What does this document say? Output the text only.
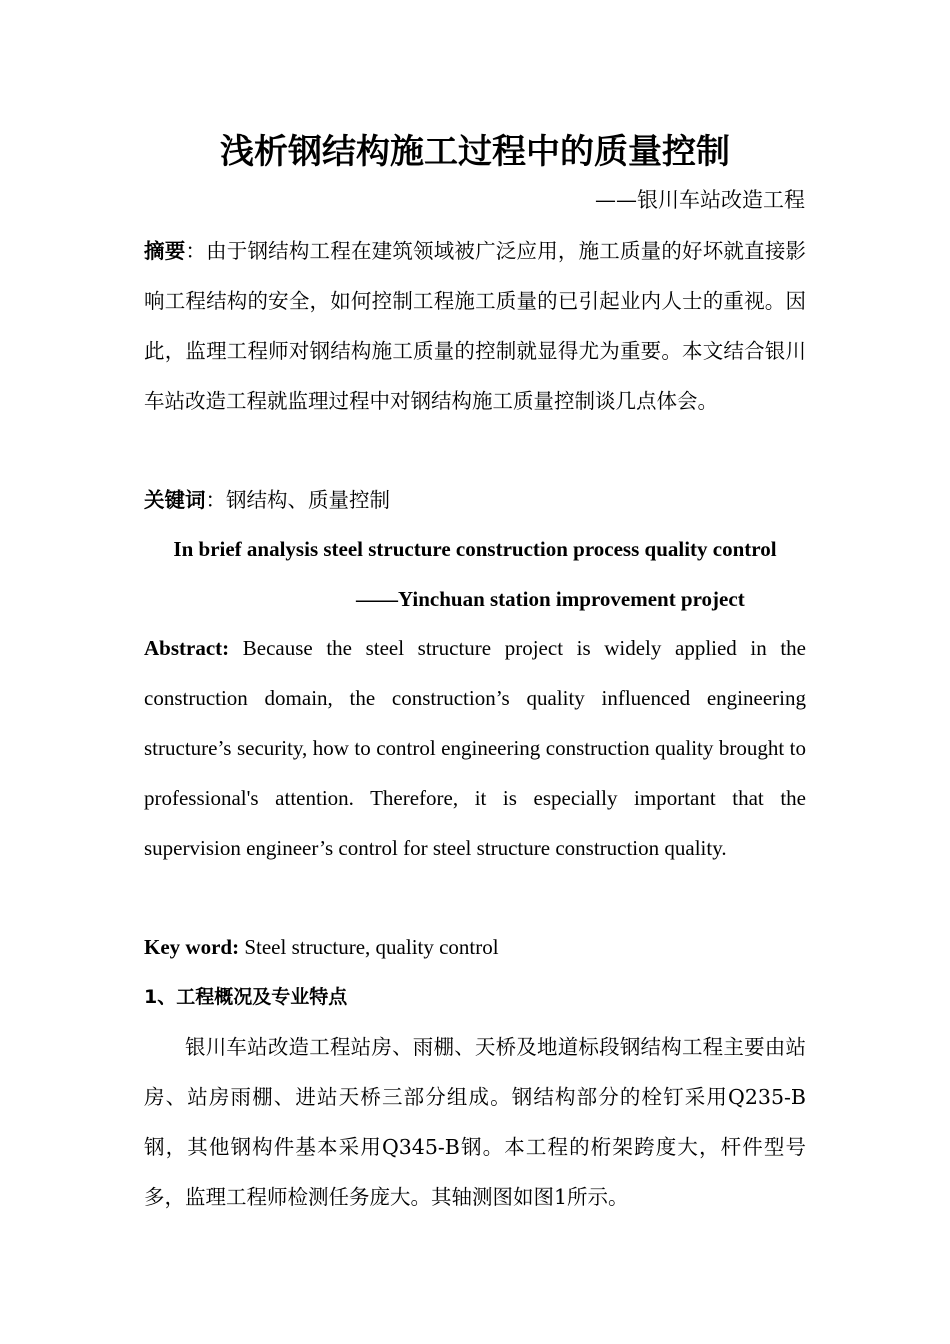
浅析钢结构施工过程中的质量控制

——银川车站改造工程

摘要：由于钢结构工程在建筑领域被广泛应用，施工质量的好坏就直接影响工程结构的安全，如何控制工程施工质量的已引起业内人士的重视。因此，监理工程师对钢结构施工质量的控制就显得尤为重要。本文结合银川车站改造工程就监理过程中对钢结构施工质量控制谈几点体会。

关键词：钢结构、质量控制

In brief analysis steel structure construction process quality control

——Yinchuan station improvement project

Abstract: Because the steel structure project is widely applied in the construction domain, the construction’s quality influenced engineering structure’s security, how to control engineering construction quality brought to professional's attention. Therefore, it is especially important that the supervision engineer’s control for steel structure construction quality.

Key word: Steel structure, quality control

1、工程概况及专业特点

银川车站改造工程站房、雨棚、天桥及地道标段钢结构工程主要由站房、站房雨棚、进站天桥三部分组成。钢结构部分的栓钉采用Q235-B钢，其他钢构件基本采用Q345-B钢。本工程的桁架跨度大，杆件型号多，监理工程师检测任务庞大。其轴测图如图1所示。
